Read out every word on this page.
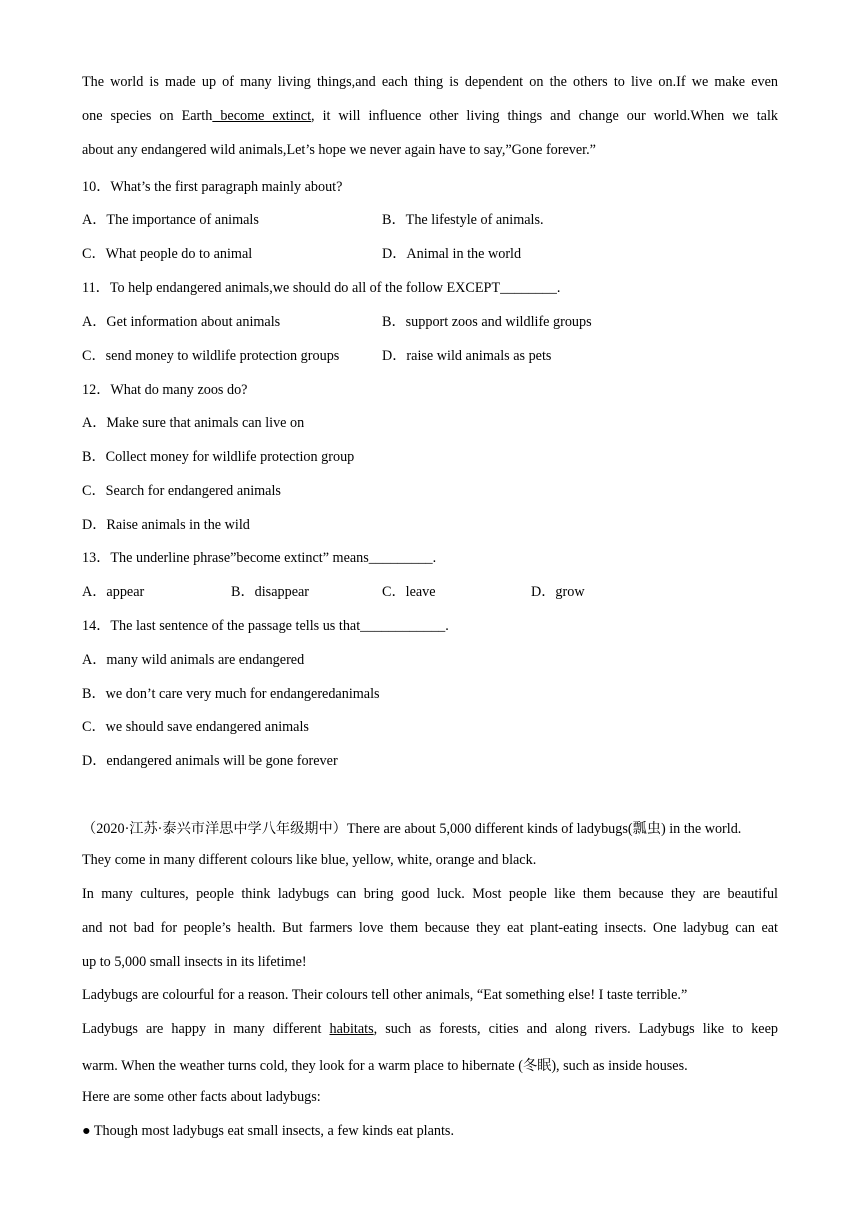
The world is made up of many living things,and each thing is dependent on the others to live on.If we make even
one species on Earth become extinct, it will influence other living things and change our world.When we talk
about any endangered wild animals,Let’s hope we never again have to say,”Gone forever.”
10．What’s the first paragraph mainly about?
A．The importance of animals	B．The lifestyle of animals.
C．What people do to animal	D．Animal in the world
11．To help endangered animals,we should do all of the follow EXCEPT________.
A．Get information about animals	B．support zoos and wildlife groups
C．send money to wildlife protection groups	D．raise wild animals as pets
12．What do many zoos do?
A．Make sure that animals can live on
B．Collect money for wildlife protection group
C．Search for endangered animals
D．Raise animals in the wild
13．The underline phrase”become extinct” means_________.
A．appear	B．disappear	C．leave	D．grow
14．The last sentence of the passage tells us that____________.
A．many wild animals are endangered
B．we don’t care very much for endangeredanimals
C．we should save endangered animals
D．endangered animals will be gone forever
（2020·江苏·泰兴市洋思中学八年级期中）There are about 5,000 different kinds of ladybugs(瓢虫) in the world.
They come in many different colours like blue, yellow, white, orange and black.
In many cultures, people think ladybugs can bring good luck. Most people like them because they are beautiful
and not bad for people’s health. But farmers love them because they eat plant-eating insects. One ladybug can eat
up to 5,000 small insects in its lifetime!
Ladybugs are colourful for a reason. Their colours tell other animals, “Eat something else! I taste terrible.”
Ladybugs are happy in many different habitats, such as forests, cities and along rivers. Ladybugs like to keep
warm. When the weather turns cold, they look for a warm place to hibernate (冬眠), such as inside houses.
Here are some other facts about ladybugs:
● Though most ladybugs eat small insects, a few kinds eat plants.
